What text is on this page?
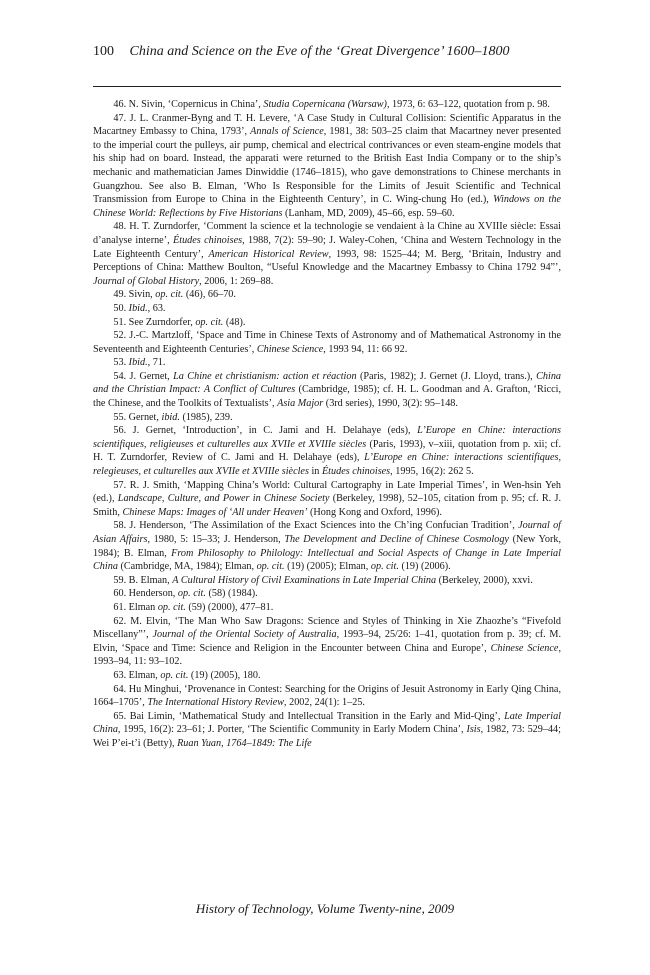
100 China and Science on the Eve of the ‘Great Divergence’ 1600–1800

46. N. Sivin, ‘Copernicus in China’, Studia Copernicana (Warsaw), 1973, 6: 63–122, quotation from p. 98.

47. J. L. Cranmer-Byng and T. H. Levere, ‘A Case Study in Cultural Collision: Scientific Apparatus in the Macartney Embassy to China, 1793’, Annals of Science, 1981, 38: 503–25 claim that Macartney never presented to the imperial court the pulleys, air pump, chemical and electrical contrivances or even steam-engine models that his ship had on board. Instead, the apparati were returned to the British East India Company or to the ship’s mechanic and mathematician James Dinwiddie (1746–1815), who gave demonstrations to Chinese merchants in Guangzhou. See also B. Elman, ‘Who Is Responsible for the Limits of Jesuit Scientific and Technical Transmission from Europe to China in the Eighteenth Century’, in C. Wing-chung Ho (ed.), Windows on the Chinese World: Reflections by Five Historians (Lanham, MD, 2009), 45–66, esp. 59–60.

48. H. T. Zurndorfer, ‘Comment la science et la technologie se vendaient à la Chine au XVIIIe siècle: Essai d’analyse interne’, Études chinoises, 1988, 7(2): 59–90; J. Waley-Cohen, ‘China and Western Technology in the Late Eighteenth Century’, American Historical Review, 1993, 98: 1525–44; M. Berg, ‘Britain, Industry and Perceptions of China: Matthew Boulton, “Useful Knowledge and the Macartney Embassy to China 1792 94”’, Journal of Global History, 2006, 1: 269–88.

49. Sivin, op. cit. (46), 66–70.

50. Ibid., 63.

51. See Zurndorfer, op. cit. (48).

52. J.-C. Martzloff, ‘Space and Time in Chinese Texts of Astronomy and of Mathematical Astronomy in the Seventeenth and Eighteenth Centuries’, Chinese Science, 1993 94, 11: 66 92.

53. Ibid., 71.

54. J. Gernet, La Chine et christianism: action et réaction (Paris, 1982); J. Gernet (J. Lloyd, trans.), China and the Christian Impact: A Conflict of Cultures (Cambridge, 1985); cf. H. L. Goodman and A. Grafton, ‘Ricci, the Chinese, and the Toolkits of Textualists’, Asia Major (3rd series), 1990, 3(2): 95–148.

55. Gernet, ibid. (1985), 239.

56. J. Gernet, ‘Introduction’, in C. Jami and H. Delahaye (eds), L’Europe en Chine: interactions scientifiques, religieuses et culturelles aux XVIIe et XVIIIe siècles (Paris, 1993), v–xiii, quotation from p. xii; cf. H. T. Zurndorfer, Review of C. Jami and H. Delahaye (eds), L’Europe en Chine: interactions scientifiques, relegieuses, et culturelles aux XVIIe et XVIIIe siècles in Études chinoises, 1995, 16(2): 262 5.

57. R. J. Smith, ‘Mapping China’s World: Cultural Cartography in Late Imperial Times’, in Wen-hsin Yeh (ed.), Landscape, Culture, and Power in Chinese Society (Berkeley, 1998), 52–105, citation from p. 95; cf. R. J. Smith, Chinese Maps: Images of ‘All under Heaven’ (Hong Kong and Oxford, 1996).

58. J. Henderson, ‘The Assimilation of the Exact Sciences into the Ch’ing Confucian Tradition’, Journal of Asian Affairs, 1980, 5: 15–33; J. Henderson, The Development and Decline of Chinese Cosmology (New York, 1984); B. Elman, From Philosophy to Philology: Intellectual and Social Aspects of Change in Late Imperial China (Cambridge, MA, 1984); Elman, op. cit. (19) (2005); Elman, op. cit. (19) (2006).

59. B. Elman, A Cultural History of Civil Examinations in Late Imperial China (Berkeley, 2000), xxvi.

60. Henderson, op. cit. (58) (1984).

61. Elman op. cit. (59) (2000), 477–81.

62. M. Elvin, ‘The Man Who Saw Dragons: Science and Styles of Thinking in Xie Zhaozhe’s “Fivefold Miscellany”’, Journal of the Oriental Society of Australia, 1993–94, 25/26: 1–41, quotation from p. 39; cf. M. Elvin, ‘Space and Time: Science and Religion in the Encounter between China and Europe’, Chinese Science, 1993–94, 11: 93–102.

63. Elman, op. cit. (19) (2005), 180.

64. Hu Minghui, ‘Provenance in Contest: Searching for the Origins of Jesuit Astronomy in Early Qing China, 1664–1705’, The International History Review, 2002, 24(1): 1–25.

65. Bai Limin, ‘Mathematical Study and Intellectual Transition in the Early and Mid-Qing’, Late Imperial China, 1995, 16(2): 23–61; J. Porter, ‘The Scientific Community in Early Modern China’, Isis, 1982, 73: 529–44; Wei P’ei-t’i (Betty), Ruan Yuan, 1764–1849: The Life

History of Technology, Volume Twenty-nine, 2009
